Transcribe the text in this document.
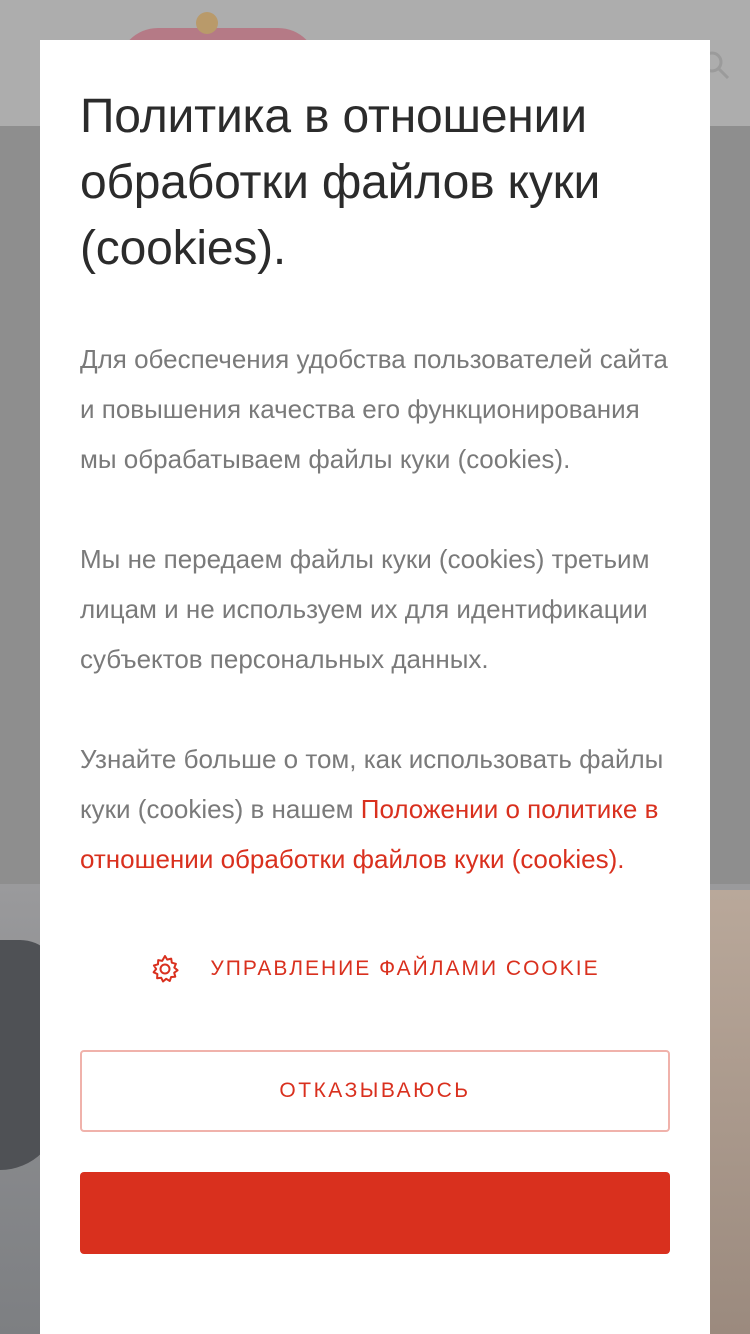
Политика в отношении обработки файлов куки (cookies).

Для обеспечения удобства пользователей сайта и повышения качества его функционирования мы обрабатываем файлы куки (cookies).

Мы не передаем файлы куки (cookies) третьим лицам и не используем их для идентификации субъектов персональных данных.

Узнайте больше о том, как использовать файлы куки (cookies) в нашем Положении о политике в отношении обработки файлов куки (cookies).

УПРАВЛЕНИЕ ФАЙЛАМИ COOKIE
ОТКАЗЫВАЮСЬ
